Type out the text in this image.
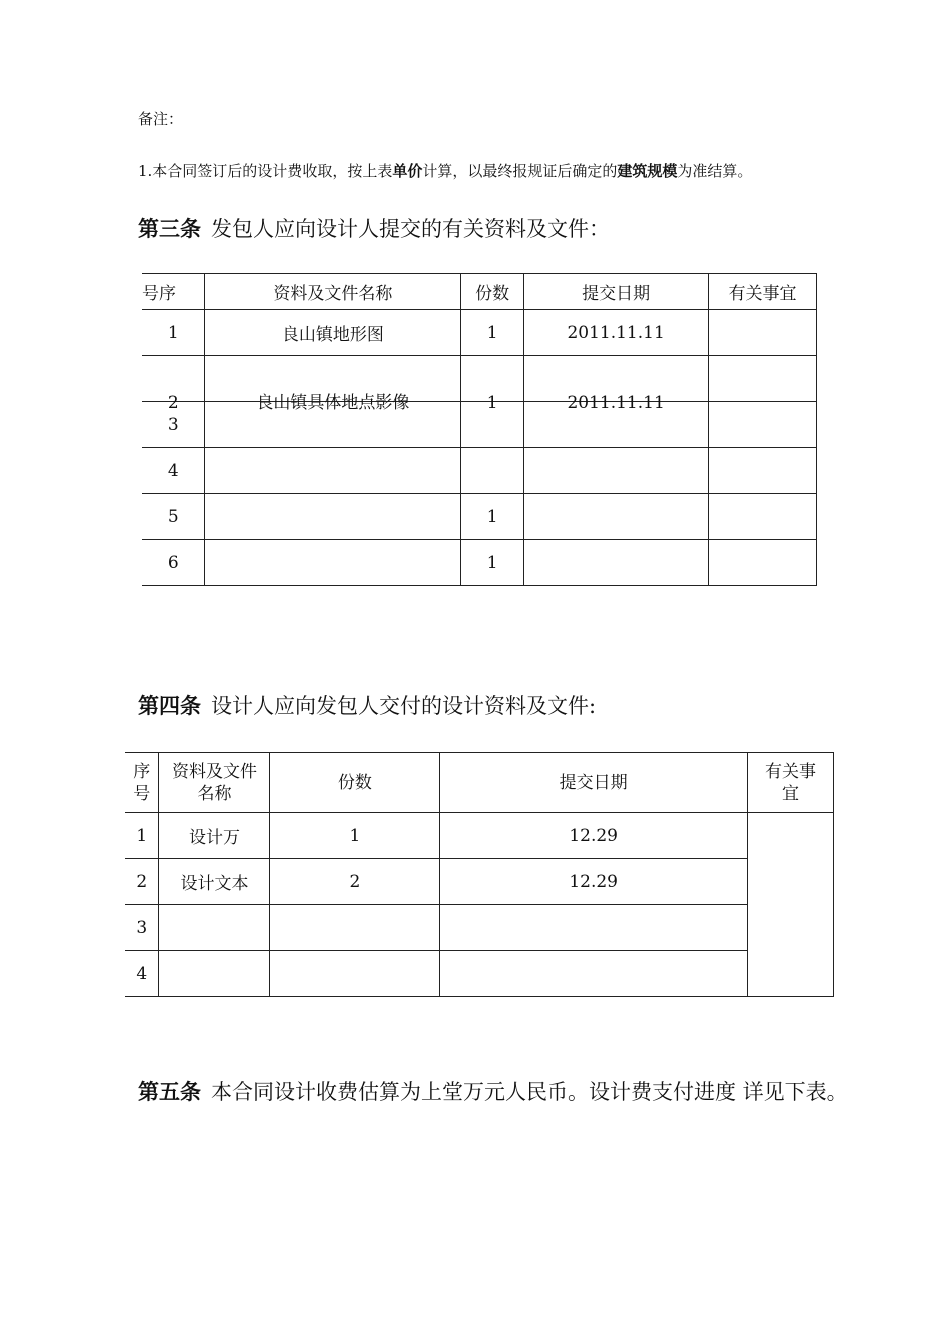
备注：
1.本合同签订后的设计费收取，按上表单价计算，以最终报规证后确定的建筑规模为准结算。
第三条 发包人应向设计人提交的有关资料及文件：
号序	资料及文件名称	份数	提交日期	有关事宜
1	良山镇地形图	1	2011.11.11	
2	良山镇具体地点影像	1	2011.11.11	
3				
4				
5		1		
6		1		
第四条 设计人应向发包人交付的设计资料及文件:
序号	资料及文件名称	份数	提交日期	有关事宜

1	设计万	1	12.29	
2	设计文本	2	12.29	
3				
4				
第五条 本合同设计收费估算为上堂万元人民币。设计费支付进度 详见下表。
